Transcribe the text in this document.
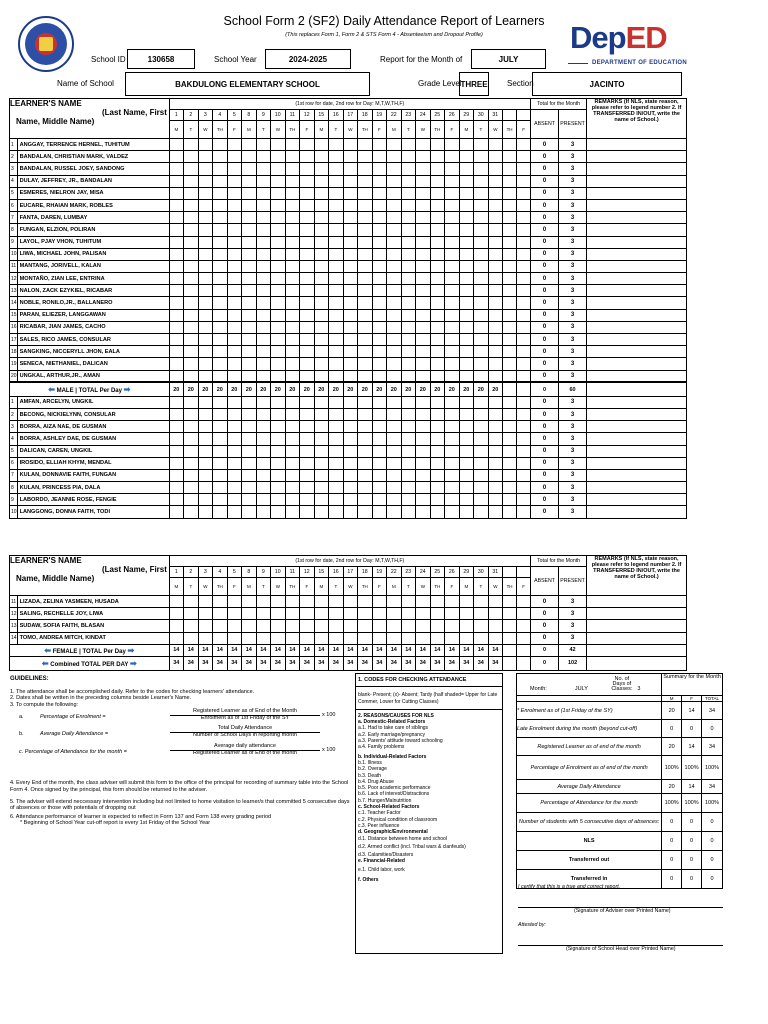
School Form 2 (SF2) Daily Attendance Report of Learners
(This replaces Form 1, Form 2 & STS Form 4 - Absenteeism and Dropout Profile)	DepED
DEPARTMENT OF EDUCATION
School ID	130658	School Year	2024-2025	Report for the Month of	JULY
Name of School	BAKDULONG ELEMENTARY SCHOOL	Grade Level
THREE Section	JACINTO
LEARNER'S NAME
(Last Name, First
Name, Middle Name)		(1st row for date, 2nd row for Day: M,T,W,TH,F)																									Total for the Month		REMARKS (If NLS, state reason, please refer to legend number 2. If TRANSFERRED IN/OUT, write the name of School.)
		1	2	3	4	5	8	9	10	11	12	15	16	17	18	19	22	23	24	25	26	29	30	31			ABSENT	PRESENT	
		M	T	W	TH	F	M	T	W	TH	F	M	T	W	TH	F	M	T	W	TH	F	M	T	W	TH	F			
1	ANGGAY, TERRENCE HERNEL, TUHITUM																										0	3	
2	BANDALAN, CHRISTIAN MARK, VALDEZ																										0	3	
3	BANDALAN, RUSSEL JOEY, SANDONG																										0	3	
4	DULAY, JEFFREY, JR., BANDALAN																										0	3	
5	ESMERES, NIELRON JAY, MISA																										0	3	
6	EUCARE, RHAIAN MARK, ROBLES																										0	3	
7	FANTA, DAREN, LUMBAY																										0	3	
8	FUNGAN, ELZION, POLIRAN																										0	3	
9	LAYOL, PJAY VHON, TUHITUM																										0	3	
10	LIWA, MICHAEL JOHN, PALISAN																										0	3	
11	MANTANG, JORIVELL, KALAN																										0	3	
12	MONTAÑO, ZIAN LEE, ENTRINA																										0	3	
13	NALON, ZACK EZYKIEL, RICABAR																										0	3	
14	NOBLE, RONILO,JR., BALLANERO																										0	3	
15	PARAN, ELIEZER, LANGGAWAN																										0	3	
16	RICABAR, JIAN JAMES, CACHO																										0	3	
17	SALES, RICO JAMES, CONSULAR																										0	3	
18	SANGKING, NICCERYLL JHON, EALA																										0	3	
19	SENECA, NIETHANIEL, DALICAN																										0	3	
20	UNGKAL, ARTHUR,JR., AMAN																										0	3	
⬅ MALE | TOTAL Per Day ➡		20	20	20	20	20	20	20	20	20	20	20	20	20	20	20	20	20	20	20	20	20	20	20			0	60	
1	AMFAN, ARCELYN, UNGKIL																										0	3	
2	BECONG, NICKIELYNN, CONSULAR																										0	3	
3	BORRA, AIZA NAE, DE GUSMAN																										0	3	
4	BORRA, ASHLEY DAE, DE GUSMAN																										0	3	
5	DALICAN, CAREN, UNGKIL																										0	3	
6	IROSIDO, ELLIAH KHYM, MENDAL																										0	3	
7	KULAN, DONNAVIE FAITH, FUNGAN																										0	3	
8	KULAN, PRINCESS PIA, DALA																										0	3	
9	LABORDO, JEANNIE ROSE, FENGIE																										0	3	
10	LANGGONG, DONNA FAITH, TODI																										0	3	
LEARNER'S NAME
(Last Name, First
Name, Middle Name)		(1st row for date, 2nd row for Day: M,T,W,TH,F)																									Total for the Month		REMARKS (If NLS, state reason, please refer to legend number 2. If TRANSFERRED IN/OUT, write the name of School.)
		1	2	3	4	5	8	9	10	11	12	15	16	17	18	19	22	23	24	25	26	29	30	31			ABSENT	PRESENT	
		M	T	W	TH	F	M	T	W	TH	F	M	T	W	TH	F	M	T	W	TH	F	M	T	W	TH	F			
11	LIZADA, ZELINA YASMEEN, HUSADA																										0	3	
12	SALING, RECHELLE JOY, LIWA																										0	3	
13	SUDAW, SOFIA FAITH, BLASAN																										0	3	
14	TOMO, ANDREA MITCH, KINDAT																										0	3	
⬅ FEMALE | TOTAL Per Day ➡		14	14	14	14	14	14	14	14	14	14	14	14	14	14	14	14	14	14	14	14	14	14	14			0	42	
⬅ Combined TOTAL PER DAY ➡		34	34	34	34	34	34	34	34	34	34	34	34	34	34	34	34	34	34	34	34	34	34	34			0	102	
GUIDELINES:
1. The attendance shall be accomplished daily. Refer to the codes for checking learners' attendance.
2. Dates shall be written in the preceding columns beside Learner's Name.
3. To compute the following:
a.	Percentage of Enrolment =
Registered Learner as of End of the Month
Enrolment as of 1st Friday of the SY	x 100
b.	Average Daily Attendance =
Total Daily Attendance
Number of School Days in reporting month
c. Percentage of Attendance for the month =
Average daily attendance
Registered Learner as of End of the month	x 100
4. Every End of the month, the class adviser will submit this form to the office of the principal for recording of summary table into the School Form 4. Once signed by the principal, this form should be returned to the adviser.
5. The adviser will extend neccessary intervention including but not limited to home visitation to learner/s that committed 5 consecutive days of absences or those with potentials of dropping out
6. Attendance performance of learner is expected to reflect in Form 137 and Form 138 every grading period
* Beginning of School Year cut-off report is every 1st Friday of the School Year
1. CODES FOR CHECKING ATTENDANCE
blank- Present; (x)- Absent; Tardy (half shaded= Upper for Late Commer, Lower for Cutting Classes)
2. REASONS/CAUSES FOR NLS
a. Domestic-Related Factors
a.1. Had to take care of siblings
a.2. Early marriage/pregnancy
a.3. Parents' attitude toward schooling
a.4. Family problems
b. Individual-Related Factors
b.1. Illness
b.2. Overage
b.3. Death
b.4. Drug Abuse
b.5. Poor academic performance
b.6. Lack of interest/Distractions
b.7. Hunger/Malnutrition
c. School-Related Factors
c.1. Teacher Factor
c.2. Physical condition of classroom
c.3. Peer influence
d. Geographic/Environmental
d.1. Distance between home and school
d.2. Armed conflict (incl. Tribal wars & clanfeuds)
d.3. Calamities/Disasters
e. Financial-Related
e.1. Child labor, work
f. Others
Month: JULYNo. of Days of Classes: 3	Summary for the Month		
	M	F	TOTAL
* Enrolment as of (1st Friday of the SY)	20	14	34
Late Enrolment during the month (beyond cut-off)	0	0	0
Registered Learner as of end of the month	20	14	34
Percentage of Enrolment as of end of the month	100%	100%	100%
Average Daily Attendance	20	14	34
Percentage of Attendance for the month	100%	100%	100%
Number of students with 5 consecutive days of absences:	0	0	0
NLS	0	0	0
Transferred out	0	0	0
Transferred in	0	0	0
I certify that this is a true and correct report.
(Signature of Adviser over Printed Name)
Attested by:
(Signature of School Head over Printed Name)
